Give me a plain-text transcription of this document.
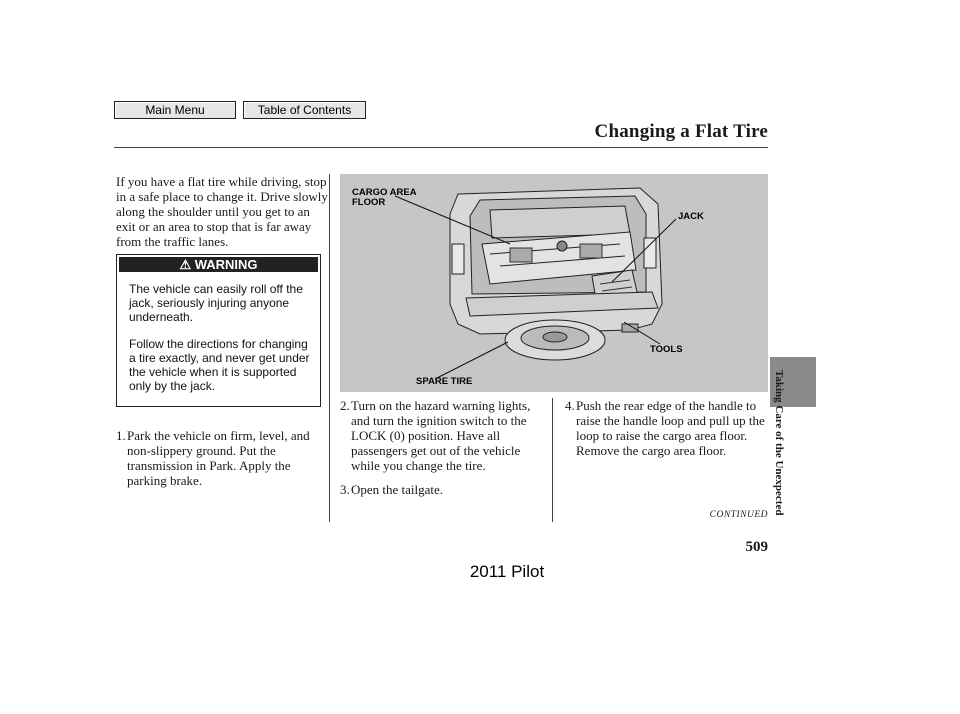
Main Menu	Table of Contents
Changing a Flat Tire
If you have a flat tire while driving, stop in a safe place to change it. Drive slowly along the shoulder until you get to an exit or an area to stop that is far away from the traffic lanes.
⚠ WARNING

The vehicle can easily roll off the jack, seriously injuring anyone underneath.

Follow the directions for changing a tire exactly, and never get under the vehicle when it is supported only by the jack.

1. Park the vehicle on firm, level, and non-slippery ground. Put the transmission in Park. Apply the parking brake.
2. Turn on the hazard warning lights, and turn the ignition switch to the LOCK (0) position. Have all passengers get out of the vehicle while you change the tire.
3. Open the tailgate.
4. Push the rear edge of the handle to raise the handle loop and pull up the loop to raise the cargo area floor.
Remove the cargo area floor.
CARGO AREA
FLOOR
JACK
TOOLS
SPARE TIRE
CONTINUED Taking Care of the Unexpected
509
2011 Pilot
